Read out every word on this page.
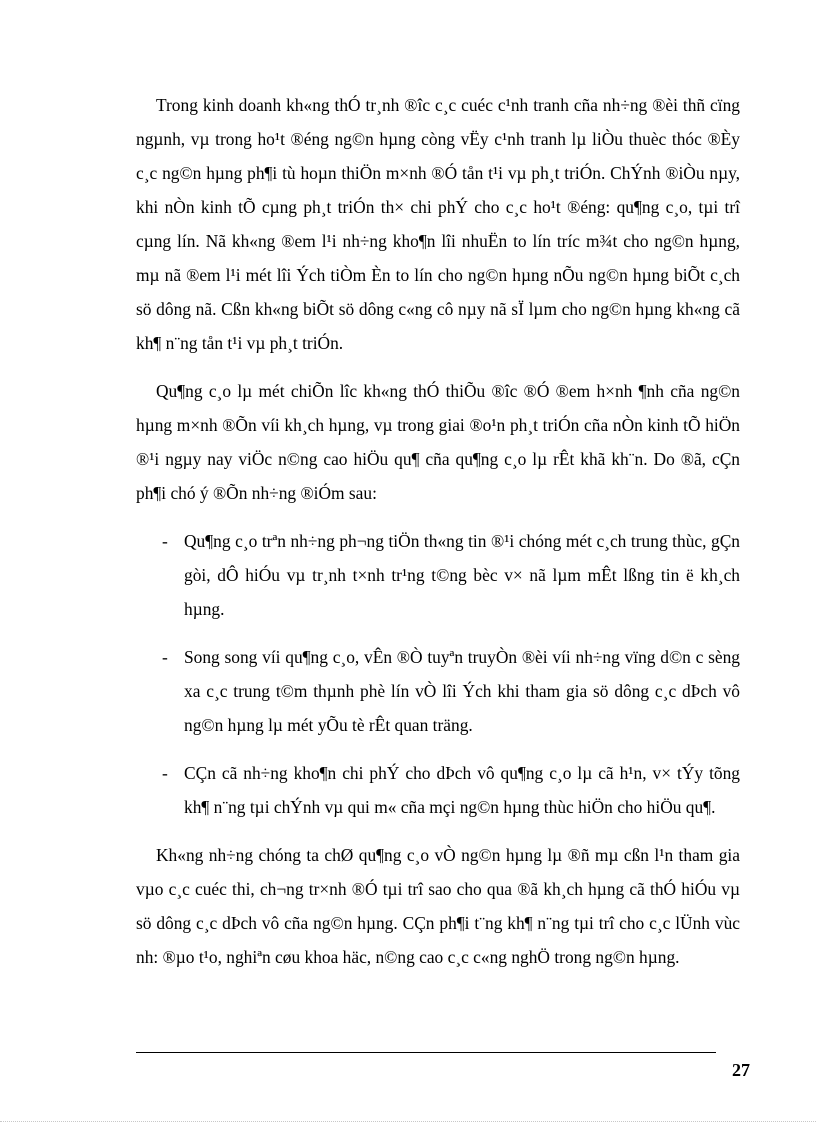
Trong kinh doanh kh«ng thÓ tr¸nh ®îc c¸c cuéc c¹nh tranh cña nh÷ng ®èi thñ cïng ngµnh, vµ trong ho¹t ®éng ng©n hµng còng vËy c¹nh tranh lµ liÒu thuèc thóc ®Èy c¸c ng©n hµng ph¶i tù hoµn thiÖn m×nh ®Ó tån t¹i vµ ph¸t triÓn. ChÝnh ®iÒu nµy, khi nÒn kinh tÕ cµng ph¸t triÓn th× chi phÝ cho c¸c ho¹t ®éng: qu¶ng c¸o, tµi trî cµng lín. Nã kh«ng ®em l¹i nh÷ng kho¶n lîi nhuËn to lín tríc m¾t cho ng©n hµng, mµ nã ®em l¹i mét lîi Ých tiÒm Èn to lín cho ng©n hµng nÕu ng©n hµng biÕt c¸ch sö dông nã. Cßn kh«ng biÕt sö dông c«ng cô nµy nã sÏ lµm cho ng©n hµng kh«ng cã kh¶ n¨ng tån t¹i vµ ph¸t triÓn.

Qu¶ng c¸o lµ mét chiÕn lîc kh«ng thÓ thiÕu ®îc ®Ó ®em h×nh ¶nh cña ng©n hµng m×nh ®Õn víi kh¸ch hµng, vµ trong giai ®o¹n ph¸t triÓn cña nÒn kinh tÕ hiÖn ®¹i ngµy nay viÖc n©ng cao hiÖu qu¶ cña qu¶ng c¸o lµ rÊt khã kh¨n. Do ®ã, cÇn ph¶i chó ý ®Õn nh÷ng ®iÓm sau:

- Qu¶ng c¸o trªn nh÷ng ph¬ng tiÖn th«ng tin ®¹i chóng mét c¸ch trung thùc, gÇn gòi, dÔ hiÓu vµ tr¸nh t×nh tr¹ng t©ng bèc v× nã lµm mÊt lßng tin ë kh¸ch hµng.
- Song song víi qu¶ng c¸o, vÊn ®Ò tuyªn truyÒn ®èi víi nh÷ng vïng d©n c sèng xa c¸c trung t©m thµnh phè lín vÒ lîi Ých khi tham gia sö dông c¸c dÞch vô ng©n hµng lµ mét yÕu tè rÊt quan träng.
- CÇn cã nh÷ng kho¶n chi phÝ cho dÞch vô qu¶ng c¸o lµ cã h¹n, v× tÝy tõng kh¶ n¨ng tµi chÝnh vµ qui m« cña mçi ng©n hµng thùc hiÖn cho hiÖu qu¶.

Kh«ng nh÷ng chóng ta chØ qu¶ng c¸o vÒ ng©n hµng lµ ®ñ mµ cßn l¹n tham gia vµo c¸c cuéc thi, ch¬ng tr×nh ®Ó tµi trî sao cho qua ®ã kh¸ch hµng cã thÓ hiÓu vµ sö dông c¸c dÞch vô cña ng©n hµng. CÇn ph¶i t¨ng kh¶ n¨ng tµi trî cho c¸c lÜnh vùc nh: ®µo t¹o, nghiªn cøu khoa häc, n©ng cao c¸c c«ng nghÖ trong ng©n hµng.

27
